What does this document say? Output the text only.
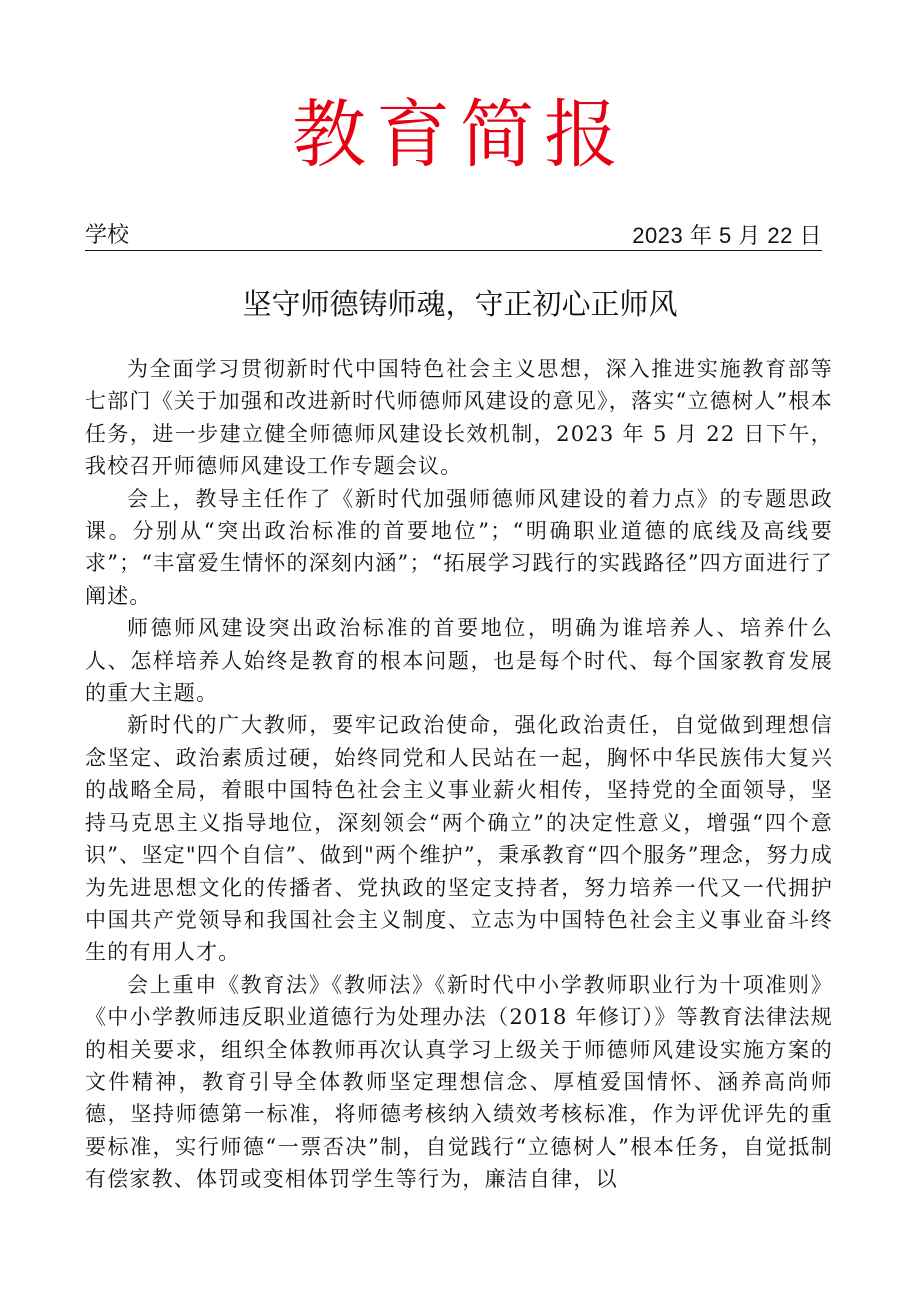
教育简报
学校	2023 年 5 月 22 日
坚守师德铸师魂，守正初心正师风

为全面学习贯彻新时代中国特色社会主义思想，深入推进实施教育部等七部门《关于加强和改进新时代师德师风建设的意见》，落实“立德树人”根本任务，进一步建立健全师德师风建设长效机制，2023 年 5 月 22 日下午，我校召开师德师风建设工作专题会议。

会上，教导主任作了《新时代加强师德师风建设的着力点》的专题思政课。分别从“突出政治标准的首要地位”；“明确职业道德的底线及高线要求”；“丰富爱生情怀的深刻内涵”；“拓展学习践行的实践路径”四方面进行了阐述。

师德师风建设突出政治标准的首要地位，明确为谁培养人、培养什么人、怎样培养人始终是教育的根本问题，也是每个时代、每个国家教育发展的重大主题。

新时代的广大教师，要牢记政治使命，强化政治责任，自觉做到理想信念坚定、政治素质过硬，始终同党和人民站在一起，胸怀中华民族伟大复兴的战略全局，着眼中国特色社会主义事业薪火相传，坚持党的全面领导，坚持马克思主义指导地位，深刻领会“两个确立”的决定性意义，增强“四个意识”、坚定"四个自信”、做到"两个维护”，秉承教育“四个服务”理念，努力成为先进思想文化的传播者、党执政的坚定支持者，努力培养一代又一代拥护中国共产党领导和我国社会主义制度、立志为中国特色社会主义事业奋斗终生的有用人才。

会上重申《教育法》《教师法》《新时代中小学教师职业行为十项准则》《中小学教师违反职业道德行为处理办法（2018 年修订）》等教育法律法规的相关要求，组织全体教师再次认真学习上级关于师德师风建设实施方案的文件精神，教育引导全体教师坚定理想信念、厚植爱国情怀、涵养高尚师德，坚持师德第一标准，将师德考核纳入绩效考核标准，作为评优评先的重要标准，实行师德“一票否决”制，自觉践行“立德树人”根本任务，自觉抵制有偿家教、体罚或变相体罚学生等行为，廉洁自律，以
